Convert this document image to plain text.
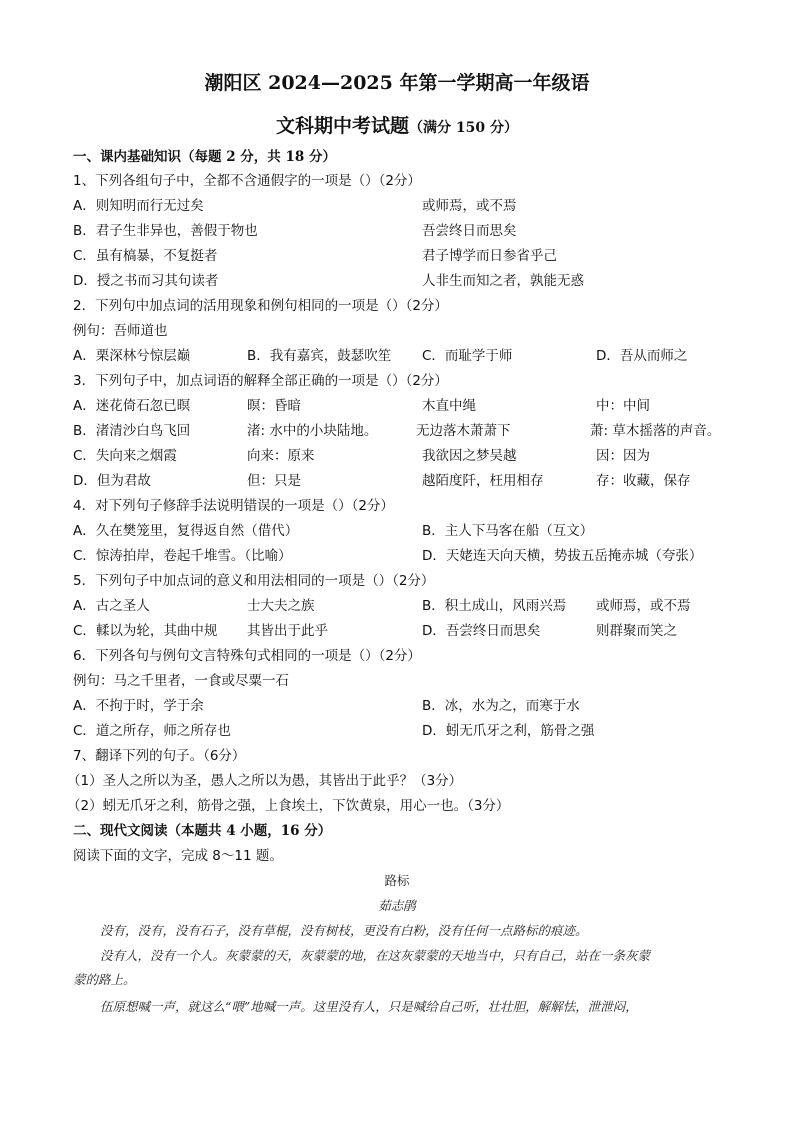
潮阳区 2024—2025 年第一学期高一年级语
文科期中考试题（满分 150 分）
一、课内基础知识（每题 2 分，共 18 分）
1、下列各组句子中，全都不含通假字的一项是（）（2分）
A．则知明而行无过矣	或师焉，或不焉
B．君子生非异也，善假于物也	吾尝终日而思矣
C．虽有槁暴，不复挺者	君子博学而日参省乎己
D．授之书而习其句读者	人非生而知之者，孰能无惑
2．下列句中加点词的活用现象和例句相同的一项是（）（2分）
例句：吾师道也
A．栗深林兮惊层巅	B．我有嘉宾，鼓瑟吹笙 C．而耻学于师	D．吾从而师之
3．下列句子中，加点词语的解释全部正确的一项是（）（2分）
A．迷花倚石忽已暝	暝：昏暗	木直中绳	中：中间
B．渚清沙白鸟飞回	渚: 水中的小块陆地。	无边落木萧萧下	萧: 草木摇落的声音。
C．失向来之烟霞	向来：原来	我欲因之梦吴越	因：因为
D．但为君故	但：只是	越陌度阡，枉用相存	存：收藏，保存
4．对下列句子修辞手法说明错误的一项是（）（2分）
A．久在樊笼里，复得返自然（借代）	B．主人下马客在船（互文）
C．惊涛拍岸，卷起千堆雪。（比喻）	D．天姥连天向天横，势拔五岳掩赤城（夸张）
5．下列句子中加点词的意义和用法相同的一项是（）（2分）
A．古之圣人	士大夫之族	B．积土成山，风雨兴焉 或师焉，或不焉
C．輮以为轮，其曲中规 其皆出于此乎	D．吾尝终日而思矣	则群聚而笑之
6．下列各句与例句文言特殊句式相同的一项是（）（2分）
例句：马之千里者，一食或尽粟一石
A．不拘于时，学于余	B．冰，水为之，而寒于水
C．道之所存，师之所存也	D．蚓无爪牙之利，筋骨之强
7、翻译下列的句子。（6分）
（1）圣人之所以为圣，愚人之所以为愚，其皆出于此乎？（3分）
（2）蚓无爪牙之利，筋骨之强，上食埃土，下饮黄泉，用心一也。（3分）
二、现代文阅读（本题共 4 小题，16 分）
阅读下面的文字，完成 8～11 题。
路标
茹志鹃
没有，没有，没有石子，没有草棍，没有树枝，更没有白粉，没有任何一点路标的痕迹。
没有人，没有一个人。灰蒙蒙的天，灰蒙蒙的地，在这灰蒙蒙的天地当中，只有自己，站在一条灰蒙
蒙的路上。
伍原想喊一声，就这么“喂”地喊一声。这里没有人，只是喊给自己听，壮壮胆，解解怯，泄泄闷，
